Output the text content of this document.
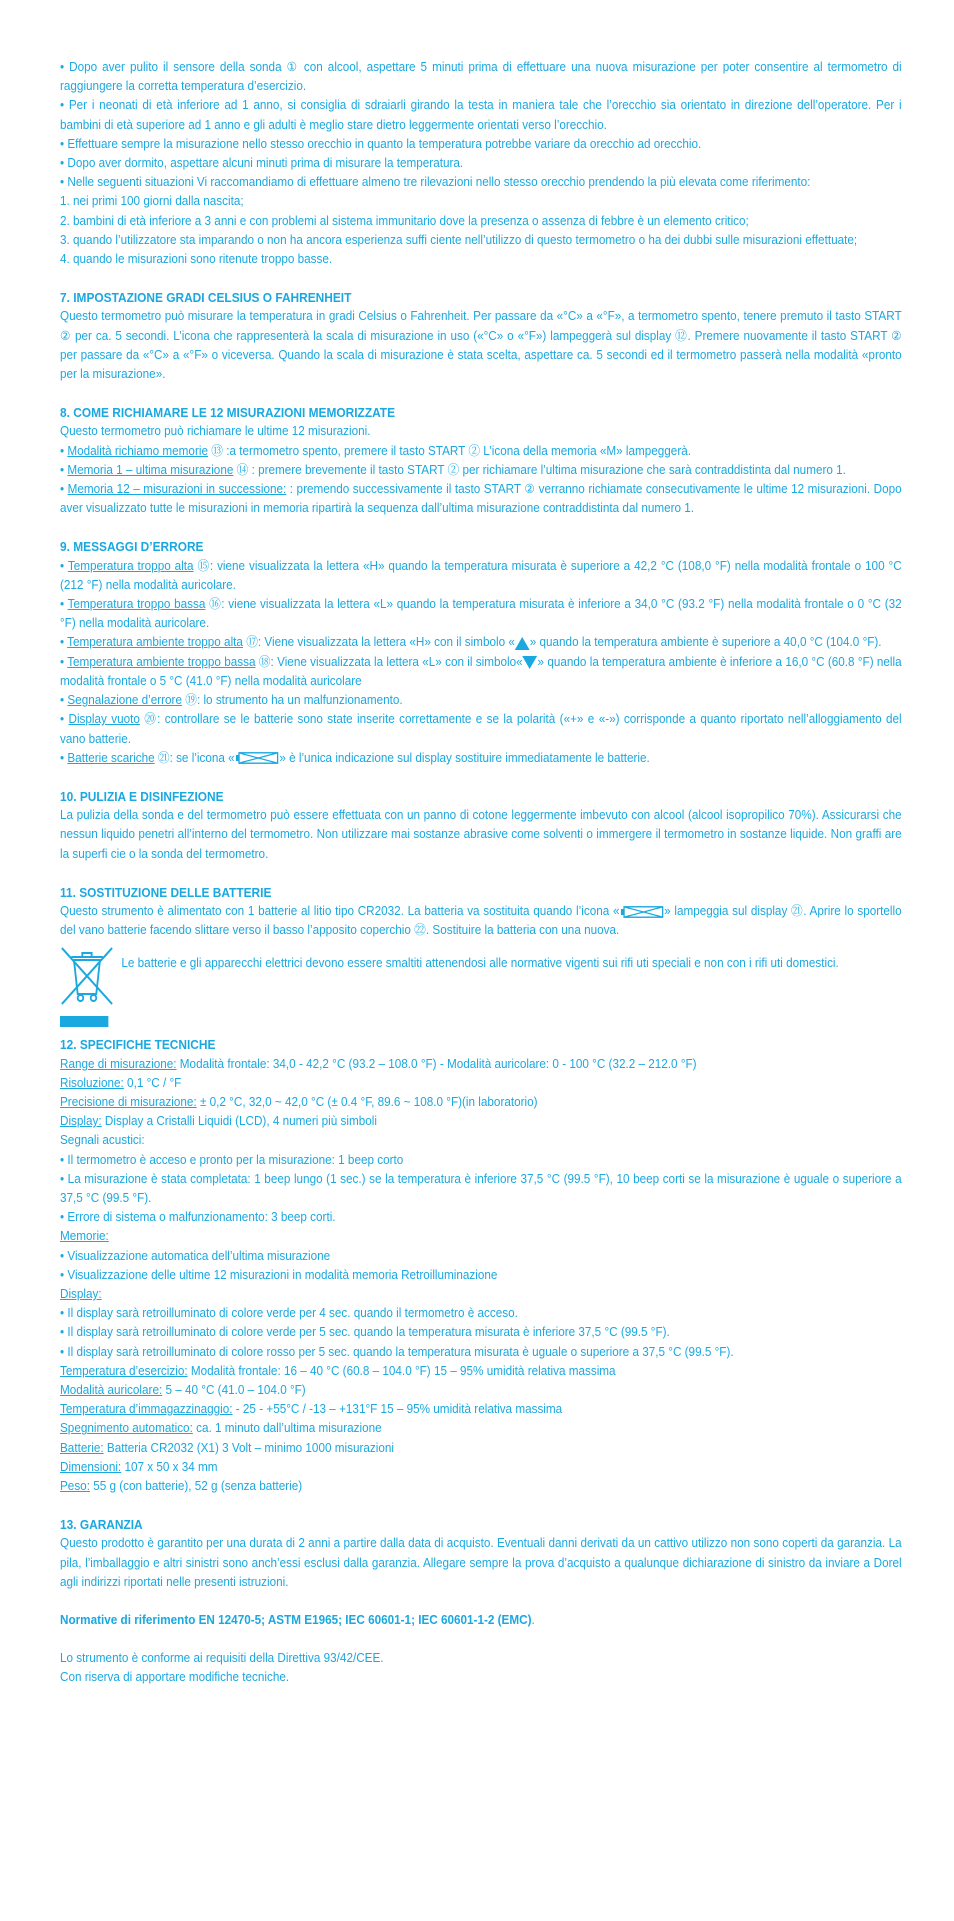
• Dopo aver pulito il sensore della sonda ① con alcool, aspettare 5 minuti prima di effettuare una nuova misurazione per poter consentire al termometro di raggiungere la corretta temperatura d’esercizio.

• Per i neonati di età inferiore ad 1 anno, si consiglia di sdraiarli girando la testa in maniera tale che l’orecchio sia orientato in direzione dell’operatore. Per i bambini di età superiore ad 1 anno e gli adulti è meglio stare dietro leggermente orientati verso l’orecchio.

• Effettuare sempre la misurazione nello stesso orecchio in quanto la temperatura potrebbe variare da orecchio ad orecchio.

• Dopo aver dormito, aspettare alcuni minuti prima di misurare la temperatura.

• Nelle seguenti situazioni Vi raccomandiamo di effettuare almeno tre rilevazioni nello stesso orecchio prendendo la più elevata come riferimento:

1. nei primi 100 giorni dalla nascita;

2. bambini di età inferiore a 3 anni e con problemi al sistema immunitario dove la presenza o assenza di febbre è un elemento critico;

3. quando l’utilizzatore sta imparando o non ha ancora esperienza suffi ciente nell’utilizzo di questo termometro o ha dei dubbi sulle misurazioni effettuate;

4. quando le misurazioni sono ritenute troppo basse.

7. IMPOSTAZIONE GRADI CELSIUS O FAHRENHEIT

Questo termometro può misurare la temperatura in gradi Celsius o Fahrenheit. Per passare da «°C» a «°F», a termometro spento, tenere premuto il tasto START ② per ca. 5 secondi. L’icona che rappresenterà la scala di misurazione in uso («°C» o «°F») lampeggerà sul display ⑫. Premere nuovamente il tasto START ② per passare da «°C» a «°F» o viceversa. Quando la scala di misurazione è stata scelta, aspettare ca. 5 secondi ed il termometro passerà nella modalità «pronto per la misurazione».

8. COME RICHIAMARE LE 12 MISURAZIONI MEMORIZZATE

Questo termometro può richiamare le ultime 12 misurazioni.

• Modalità richiamo memorie ⑬ :a termometro spento, premere il tasto START ② L’icona della memoria «M» lampeggerà.

• Memoria 1 – ultima misurazione ⑭ : premere brevemente il tasto START ② per richiamare l’ultima misurazione che sarà contraddistinta dal numero 1.

• Memoria 12 – misurazioni in successione: : premendo successivamente il tasto START ② verranno richiamate consecutivamente le ultime 12 misurazioni. Dopo aver visualizzato tutte le misurazioni in memoria ripartirà la sequenza dall’ultima misurazione contraddistinta dal numero 1.

9. MESSAGGI D’ERRORE

• Temperatura troppo alta ⑮: viene visualizzata la lettera «H» quando la temperatura misurata è superiore a 42,2 °C (108,0 °F) nella modalità frontale o 100 °C (212 °F) nella modalità auricolare.

• Temperatura troppo bassa ⑯: viene visualizzata la lettera «L» quando la temperatura misurata è inferiore a 34,0 °C (93.2 °F) nella modalità frontale o 0 °C (32 °F) nella modalità auricolare.

• Temperatura ambiente troppo alta ⑰: Viene visualizzata la lettera «H» con il simbolo « » quando la temperatura ambiente è superiore a 40,0 °C (104.0 °F).

• Temperatura ambiente troppo bassa ⑱: Viene visualizzata la lettera «L» con il simbolo« » quando la temperatura ambiente è inferiore a 16,0 °C (60.8 °F) nella modalità frontale o 5 °C (41.0 °F) nella modalità auricolare

• Segnalazione d’errore ⑲: lo strumento ha un malfunzionamento.

• Display vuoto ⑳: controllare se le batterie sono state inserite correttamente e se la polarità («+» e «-») corrisponde a quanto riportato nell’alloggiamento del vano batterie.

• Batterie scariche ㉑: se l’icona «	» è l’unica indicazione sul display sostituire immediatamente le batterie.

10. PULIZIA E DISINFEZIONE

La pulizia della sonda e del termometro può essere effettuata con un panno di cotone leggermente imbevuto con alcool (alcool isopropilico 70%). Assicurarsi che nessun liquido penetri all’interno del termometro. Non utilizzare mai sostanze abrasive come solventi o immergere il termometro in sostanze liquide. Non graffi are la superfi cie o la sonda del termometro.

11. SOSTITUZIONE DELLE BATTERIE

Questo strumento è alimentato con 1 batterie al litio tipo CR2032. La batteria va sostituita quando l’icona «	» lampeggia sul display ㉑. Aprire lo sportello del vano batterie facendo slittare verso il basso l’apposito coperchio ㉒. Sostituire la batteria con una nuova.

Le batterie e gli apparecchi elettrici devono essere smaltiti attenendosi alle normative vigenti sui rifi uti speciali e non con i rifi uti domestici.

12. SPECIFICHE TECNICHE

Range di misurazione: Modalità frontale: 34,0 - 42,2 °C (93.2 – 108.0 °F) - Modalità auricolare: 0 - 100 °C (32.2 – 212.0 °F)

Risoluzione: 0,1 °C / °F

Precisione di misurazione: ± 0,2 °C, 32,0 ~ 42,0 °C (± 0.4 °F, 89.6 ~ 108.0 °F)(in laboratorio)

Display: Display a Cristalli Liquidi (LCD), 4 numeri più simboli

Segnali acustici:

• Il termometro è acceso e pronto per la misurazione: 1 beep corto

• La misurazione è stata completata: 1 beep lungo (1 sec.) se la temperatura è inferiore 37,5 °C (99.5 °F), 10 beep corti se la misurazione è uguale o superiore a 37,5 °C (99.5 °F).

• Errore di sistema o malfunzionamento: 3 beep corti.

Memorie:

• Visualizzazione automatica dell’ultima misurazione

• Visualizzazione delle ultime 12 misurazioni in modalità memoria Retroilluminazione

Display:

• Il display sarà retroilluminato di colore verde per 4 sec. quando il termometro è acceso.

• Il display sarà retroilluminato di colore verde per 5 sec. quando la temperatura misurata è inferiore 37,5 °C (99.5 °F).

• Il display sarà retroilluminato di colore rosso per 5 sec. quando la temperatura misurata è uguale o superiore a 37,5 °C (99.5 °F).

Temperatura d’esercizio: Modalità frontale: 16 – 40 °C (60.8 – 104.0 °F) 15 – 95% umidità relativa massima

Modalità auricolare: 5 – 40 °C (41.0 – 104.0 °F)

Temperatura d’immagazzinaggio: - 25 - +55°C / -13 – +131°F 15 – 95% umidità relativa massima

Spegnimento automatico: ca. 1 minuto dall’ultima misurazione

Batterie: Batteria CR2032 (X1) 3 Volt – minimo 1000 misurazioni

Dimensioni: 107 x 50 x 34 mm

Peso: 55 g (con batterie), 52 g (senza batterie)

13. GARANZIA

Questo prodotto è garantito per una durata di 2 anni a partire dalla data di acquisto. Eventuali danni derivati da un cattivo utilizzo non sono coperti da garanzia. La pila, l’imballaggio e altri sinistri sono anch’essi esclusi dalla garanzia. Allegare sempre la prova d’acquisto a qualunque dichiarazione di sinistro da inviare a Dorel agli indirizzi riportati nelle presenti istruzioni.

Normative di riferimento EN 12470-5; ASTM E1965; IEC 60601-1; IEC 60601-1-2 (EMC).

Lo strumento è conforme ai requisiti della Direttiva 93/42/CEE.

Con riserva di apportare modifiche tecniche.
